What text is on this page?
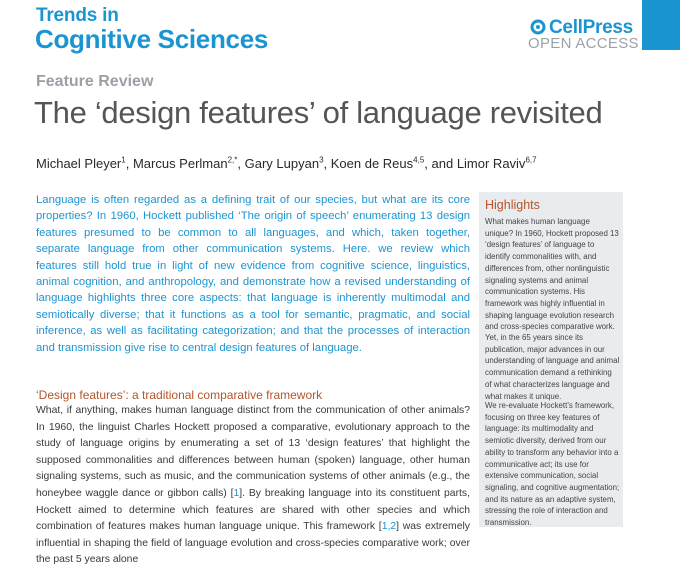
Trends in
Cognitive Sciences	CellPress
OPEN ACCESS
Feature Review
The ‘design features’ of language revisited
Michael Pleyer$^1$, Marcus Perlman$^{2,*}$, Gary Lupyan$^3$, Koen de Reus$^{4,5}$, and Limor Raviv$^{6,7}$

Language is often regarded as a defining trait of our species, but what are its core properties? In 1960, Hockett published ‘The origin of speech’ enumerating 13 design features presumed to be common to all languages, and which, taken together, separate language from other communication systems. Here. we review which features still hold true in light of new evidence from cognitive science, linguistics, animal cognition, and anthropology, and demonstrate how a revised understanding of language highlights three core aspects: that language is inherently multimodal and semiotically diverse; that it functions as a tool for semantic, pragmatic, and social inference, as well as facilitating categorization; and that the processes of interaction and transmission give rise to central design features of language.

‘Design features’: a traditional comparative framework

What, if anything, makes human language distinct from the communication of other animals? In 1960, the linguist Charles Hockett proposed a comparative, evolutionary approach to the study of language origins by enumerating a set of 13 ‘design features’ that highlight the supposed commonalities and differences between human (spoken) language, other human signaling systems, such as music, and the communication systems of other animals (e.g., the honeybee waggle dance or gibbon calls) [1]. By breaking language into its constituent parts, Hockett aimed to determine which features are shared with other species and which combination of features makes human language unique. This framework [1,2] was extremely influential in shaping the field of language evolution and cross-species comparative work; over the past 5 years alone

Highlights

What makes human language unique? In 1960, Hockett proposed 13 ‘design features’ of language to identify commonalities with, and differences from, other nonlinguistic signaling systems and animal communication systems. His framework was highly influential in shaping language evolution research and cross-species comparative work.

Yet, in the 65 years since its publication, major advances in our understanding of language and animal communication demand a rethinking of what characterizes language and what makes it unique.

We re-evaluate Hockett’s framework, focusing on three key features of language: its multimodality and semiotic diversity, derived from our ability to transform any behavior into a communicative act; its use for extensive communication, social signaling, and cognitive augmentation; and its nature as an adaptive system, stressing the role of interaction and transmission.
